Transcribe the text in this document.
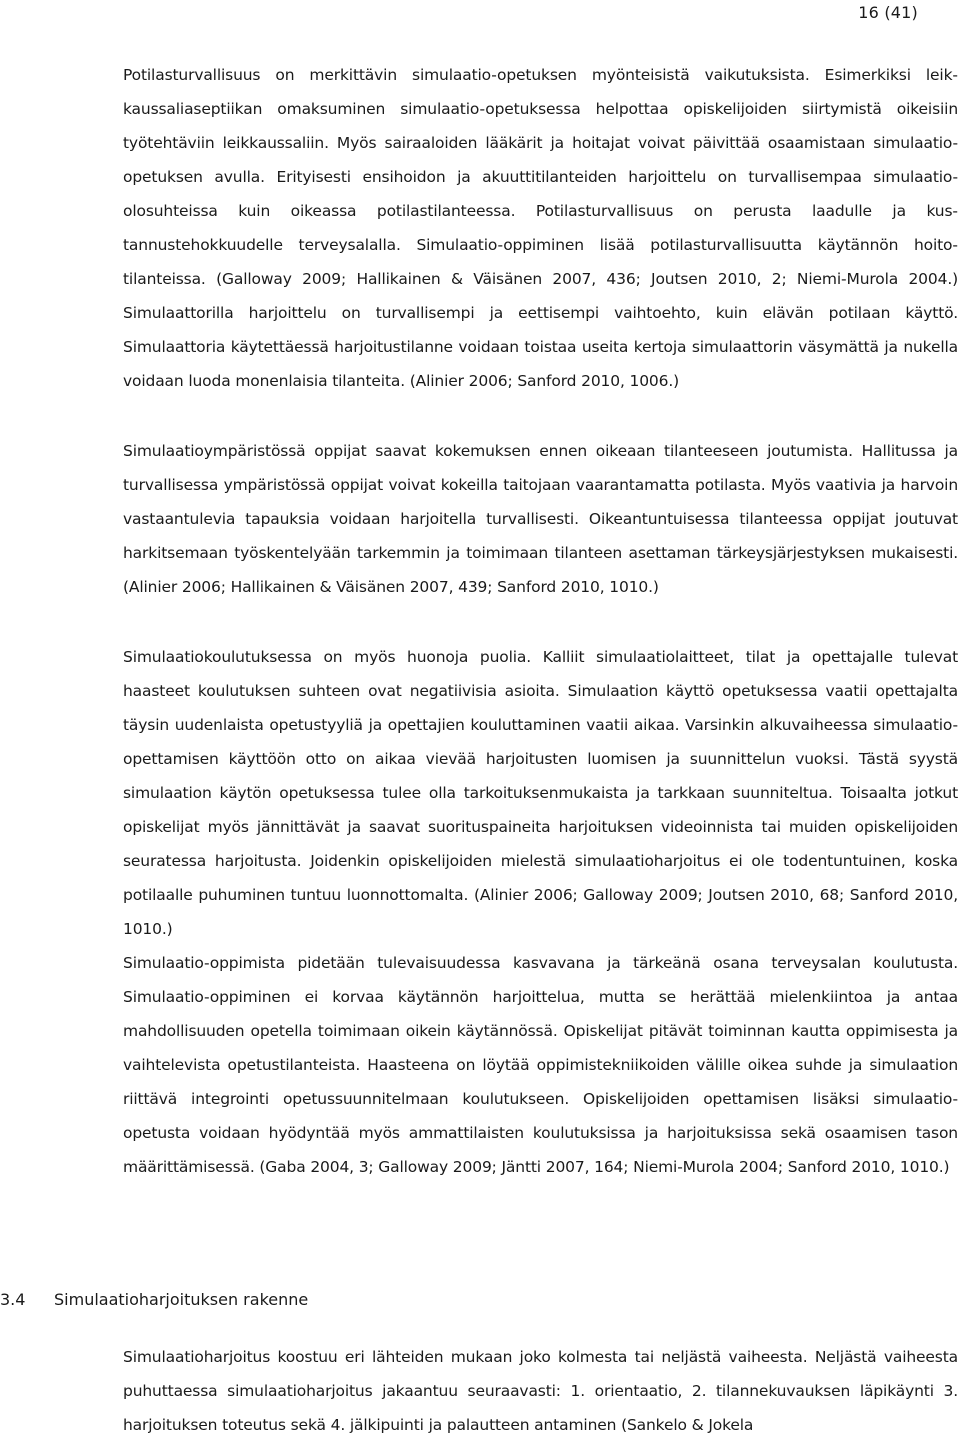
16 (41)

Potilasturvallisuus on merkittävin simulaatio-opetuksen myönteisistä vaikutuksista. Esimerkiksi leikkaussaliaseptiikan omaksuminen simulaatio-opetuksessa helpottaa opiskelijoiden siirtymistä oikeisiin työtehtäviin leikkaussaliin. Myös sairaaloiden lääkärit ja hoitajat voivat päivittää osaamistaan simulaatio-opetuksen avulla. Erityisesti ensihoidon ja akuuttitilanteiden harjoittelu on turvallisempaa simulaatio-olosuhteissa kuin oikeassa potilastilanteessa. Potilasturvallisuus on perusta laadulle ja kustannustehokkuudelle terveysalalla. Simulaatio-oppiminen lisää potilasturvallisuutta käytännön hoitotilanteissa. (Galloway 2009; Hallikainen & Väisänen 2007, 436; Joutsen 2010, 2; Niemi-Murola 2004.) Simulaattorilla harjoittelu on turvallisempi ja eettisempi vaihtoehto, kuin elävän potilaan käyttö. Simulaattoria käytettäessä harjoitustilanne voidaan toistaa useita kertoja simulaattorin väsymättä ja nukella voidaan luoda monenlaisia tilanteita. (Alinier 2006; Sanford 2010, 1006.)

Simulaatioympäristössä oppijat saavat kokemuksen ennen oikeaan tilanteeseen joutumista. Hallitussa ja turvallisessa ympäristössä oppijat voivat kokeilla taitojaan vaarantamatta potilasta. Myös vaativia ja harvoin vastaantulevia tapauksia voidaan harjoitella turvallisesti. Oikeantuntuisessa tilanteessa oppijat joutuvat harkitsemaan työskentelyään tarkemmin ja toimimaan tilanteen asettaman tärkeysjärjestyksen mukaisesti. (Alinier 2006; Hallikainen & Väisänen 2007, 439; Sanford 2010, 1010.)

Simulaatiokoulutuksessa on myös huonoja puolia. Kalliit simulaatiolaitteet, tilat ja opettajalle tulevat haasteet koulutuksen suhteen ovat negatiivisia asioita. Simulaation käyttö opetuksessa vaatii opettajalta täysin uudenlaista opetustyyliä ja opettajien kouluttaminen vaatii aikaa. Varsinkin alkuvaiheessa simulaatio-opettamisen käyttöön otto on aikaa vievää harjoitusten luomisen ja suunnittelun vuoksi. Tästä syystä simulaation käytön opetuksessa tulee olla tarkoituksenmukaista ja tarkkaan suunniteltua. Toisaalta jotkut opiskelijat myös jännittävät ja saavat suorituspaineita harjoituksen videoinnista tai muiden opiskelijoiden seuratessa harjoitusta. Joidenkin opiskelijoiden mielestä simulaatioharjoitus ei ole todentuntuinen, koska potilaalle puhuminen tuntuu luonnottomalta. (Alinier 2006; Galloway 2009; Joutsen 2010, 68; Sanford 2010, 1010.)

Simulaatio-oppimista pidetään tulevaisuudessa kasvavana ja tärkeänä osana terveysalan koulutusta. Simulaatio-oppiminen ei korvaa käytännön harjoittelua, mutta se herättää mielenkiintoa ja antaa mahdollisuuden opetella toimimaan oikein käytännössä. Opiskelijat pitävät toiminnan kautta oppimisesta ja vaihtelevista opetustilanteista. Haasteena on löytää oppimistekniikoiden välille oikea suhde ja simulaation riittävä integrointi opetussuunnitelmaan koulutukseen. Opiskelijoiden opettamisen lisäksi simulaatio-opetusta voidaan hyödyntää myös ammattilaisten koulutuksissa ja harjoituksissa sekä osaamisen tason määrittämisessä. (Gaba 2004, 3; Galloway 2009; Jäntti 2007, 164; Niemi-Murola 2004; Sanford 2010, 1010.)

3.4 Simulaatioharjoituksen rakenne

Simulaatioharjoitus koostuu eri lähteiden mukaan joko kolmesta tai neljästä vaiheesta. Neljästä vaiheesta puhuttaessa simulaatioharjoitus jakaantuu seuraavasti: 1. orientaatio, 2. tilannekuvauksen läpikäynti 3. harjoituksen toteutus sekä 4. jälkipuinti ja palautteen antaminen (Sankelo & Jokela
